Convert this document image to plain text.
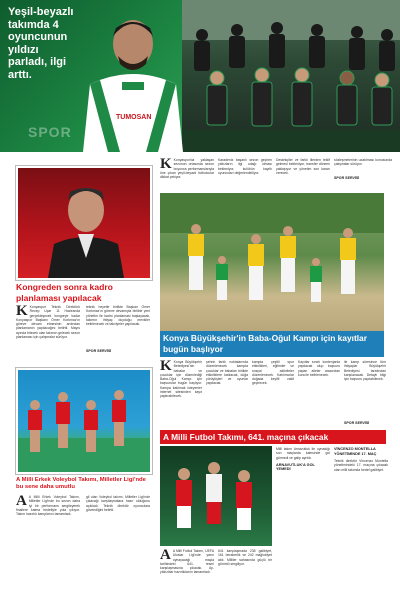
Yeşil-beyazlı takımda 4 oyuncunun yıldızı parladı, ilgi arttı.
SPOR
TUMOSAN
K Konyaspor'da yaklaşan sezonun ortasında sezon boyunca performanslarıyla öne çıkan yeşil-beyazlı futbolcular dikkat çekiyor.
Karadeniz başarılı sezon geçiren yıldızların ilgi odağı olması bekleniyor, kulübün kayıtlı oyuncuları değerlendiriliyor.
Destekçiler ve farklı illerden teklif gelmesi bekleniyor, transfer dönemi yaklaşıyor ve yönetim son kararı verecek.
sözleşmelerinin uzatılması konusunda çalışmalar sürüyor.
SPOR SERVİSİ
Kongreden sonra kadro planlaması yapılacak
K Konyaspor Teknik Direktörü Recep Uçar 11 Haziranda gerçekleşecek kongreye kadar Konyaspor Başkanı Ömer Korkmaz'ın göreve devam etmesinin ardından planlamanın yapılacağını belirtti. Mayıs ayında bitecek olan takımın gelecek sezon planlaması için çalışmalar sürüyor.
teknik heyetle birlikte Başkan Ömer Korkmaz'ın göreve devamıyla birlikte yeni yönetim ile kadro planlaması başlayacak, takımın ihtiyaç duyduğu mevkiler belirlenecek ve takviyeler yapılacak.
SPOR SERVİSİ
Konya Büyükşehir'in Baba-Oğul Kampı için kayıtlar bugün başlıyor
K Konya Büyükşehir Belediyesi'nin babalar ve çocuklar için düzenlediği Baba-Oğul Kampı için başvurular bugün başlıyor. Kampa katılmak isteyenler internet sitesinden kayıt yaptırabilecek.
şehrin farklı noktalarında düzenlenecek kampta çocuklar ve babaları birlikte etkinliklere katılacak, doğa yürüyüşleri ve oyunlar yapılacak.
kampta çeşitli spor etkinlikleri, eğitimler ve sosyal aktiviteler düzenlenecek. Katılımcılar doğada keyifli vakit geçirecek.
Kayıtlar sınırlı kontenjanla yapılacak olup başvuru yapan aileler arasından kura ile belirlenecek.
ile kamp süresince tüm ihtiyaçlar Büyükşehir Belediyesi tarafından karşılanacak. Detaylı bilgi için başvuru yapılabilecek.
SPOR SERVİSİ
A Milli Erkek Voleybol Takımı, Milletler Ligi'nde bu sene daha umutlu
A A Milli Erkek Voleybol Takımı, Milletler Ligi'nde bu sezon daha iyi bir performans sergileyerek finallere kalma hedefiyle yola çıkıyor. Takım hazırlık kamplarını tamamladı.
gil olan Voleybol takımı, Milletler Ligi'nde çıkacağı karşılaşmalara hazır olduğunu açıkladı. Teknik direktör oyunculara güvendiğini belirtti.
A Milli Futbol Takımı, 641. maçına çıkacak
A A Milli Futbol Takımı, UEFA Uluslar Ligi'nde yarın oynayacağı maçla tarihindeki 641. resmi karşılaşmasına çıkacak. Ay-yıldızlılar hazırlıklarını tamamladı.
641 karşılaşmada 238 galibiyet, 161 beraberlik ve 242 mağlubiyet aldı. Milliler sahasında güçlü bir görüntü sergiliyor.
Milli takım Arnavutluk ile oynadığı son maçlarda kalesinde gol görmedi ve galip ayrıldı.
ARNAVUTLUK'A GOL YEMEDİ
VİNCENZO MONTELLA YÖNETİMİNDE 17. MAÇ
Teknik direktör Vincenzo Montella yönetimindeki 17. maçına çıkacak olan milli takımda hedef galibiyet.
